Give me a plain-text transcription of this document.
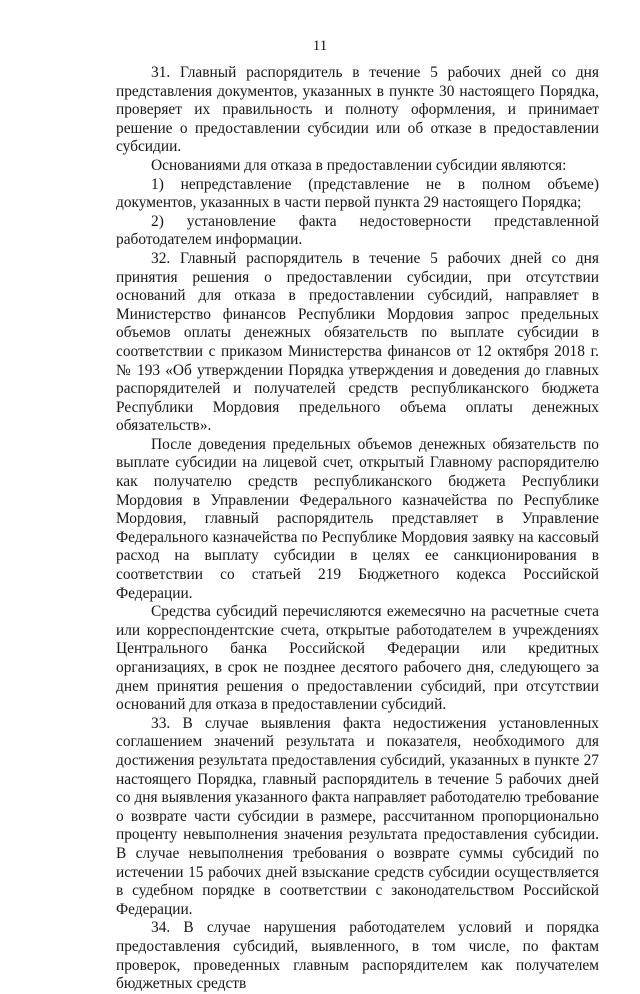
11

31. Главный распорядитель в течение 5 рабочих дней со дня представления документов, указанных в пункте 30 настоящего Порядка, проверяет их правильность и полноту оформления, и принимает решение о предоставлении субсидии или об отказе в предоставлении субсидии.

Основаниями для отказа в предоставлении субсидии являются:

1) непредставление (представление не в полном объеме) документов, указанных в части первой пункта 29 настоящего Порядка;

2) установление факта недостоверности представленной работодателем информации.

32. Главный распорядитель в течение 5 рабочих дней со дня принятия решения о предоставлении субсидии, при отсутствии оснований для отказа в предоставлении субсидий, направляет в Министерство финансов Республики Мордовия запрос предельных объемов оплаты денежных обязательств по выплате субсидии в соответствии с приказом Министерства финансов от 12 октября 2018 г. № 193 «Об утверждении Порядка утверждения и доведения до главных распорядителей и получателей средств республиканского бюджета Республики Мордовия предельного объема оплаты денежных обязательств».

После доведения предельных объемов денежных обязательств по выплате субсидии на лицевой счет, открытый Главному распорядителю как получателю средств республиканского бюджета Республики Мордовия в Управлении Федерального казначейства по Республике Мордовия, главный распорядитель представляет в Управление Федерального казначейства по Республике Мордовия заявку на кассовый расход на выплату субсидии в целях ее санкционирования в соответствии со статьей 219 Бюджетного кодекса Российской Федерации.

Средства субсидий перечисляются ежемесячно на расчетные счета или корреспондентские счета, открытые работодателем в учреждениях Центрального банка Российской Федерации или кредитных организациях, в срок не позднее десятого рабочего дня, следующего за днем принятия решения о предоставлении субсидий, при отсутствии оснований для отказа в предоставлении субсидий.

33. В случае выявления факта недостижения установленных соглашением значений результата и показателя, необходимого для достижения результата предоставления субсидий, указанных в пункте 27 настоящего Порядка, главный распорядитель в течение 5 рабочих дней со дня выявления указанного факта направляет работодателю требование о возврате части субсидии в размере, рассчитанном пропорционально проценту невыполнения значения результата предоставления субсидии. В случае невыполнения требования о возврате суммы субсидий по истечении 15 рабочих дней взыскание средств субсидии осуществляется в судебном порядке в соответствии с законодательством Российской Федерации.

34. В случае нарушения работодателем условий и порядка предоставления субсидий, выявленного, в том числе, по фактам проверок, проведенных главным распорядителем как получателем бюджетных средств
